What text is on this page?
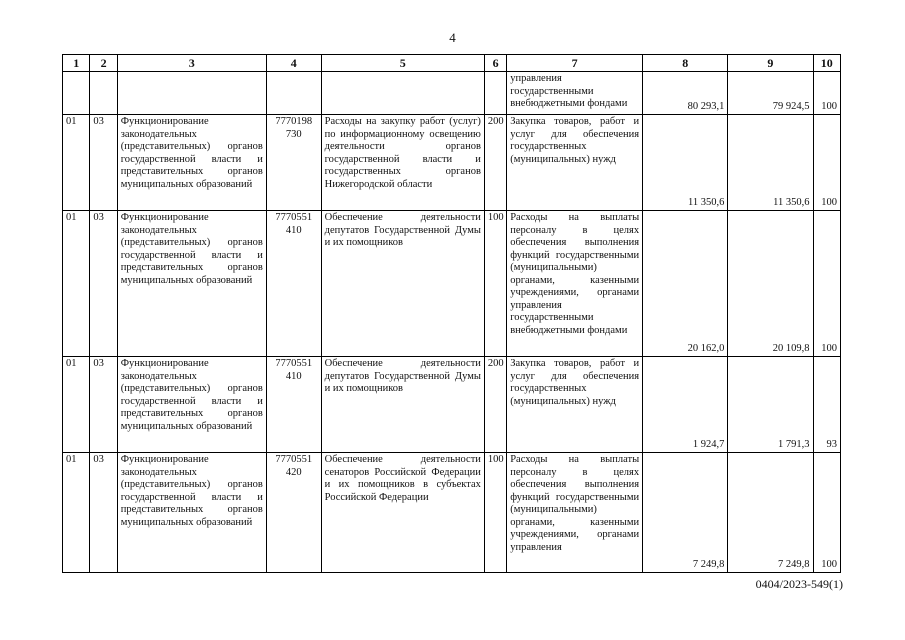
4
1	2	3	4	5	6	7	8	9	10
						управления государственными внебюджетными фондами	80 293,1	79 924,5	100
01	03	Функционирование законодательных (представительных) органов государственной власти и представительных органов муниципальных образований	7770198 730	Расходы на закупку работ (услуг) по информационному освещению деятельности органов государственной власти и государственных органов Нижегородской области	200	Закупка товаров, работ и услуг для обеспечения государственных (муниципальных) нужд	11 350,6	11 350,6	100
01	03	Функционирование законодательных (представительных) органов государственной власти и представительных органов муниципальных образований	7770551 410	Обеспечение деятельности депутатов Государственной Думы и их помощников	100	Расходы на выплаты персоналу в целях обеспечения выполнения функций государственными (муниципальными) органами, казенными учреждениями, органами управления государственными внебюджетными фондами	20 162,0	20 109,8	100
01	03	Функционирование законодательных (представительных) органов государственной власти и представительных органов муниципальных образований	7770551 410	Обеспечение деятельности депутатов Государственной Думы и их помощников	200	Закупка товаров, работ и услуг для обеспечения государственных (муниципальных) нужд	1 924,7	1 791,3	93
01	03	Функционирование законодательных (представительных) органов государственной власти и представительных органов муниципальных образований	7770551 420	Обеспечение деятельности сенаторов Российской Федерации и их помощников в субъектах Российской Федерации	100	Расходы на выплаты персоналу в целях обеспечения выполнения функций государственными (муниципальными) органами, казенными учреждениями, органами управления	7 249,8	7 249,8	100
0404/2023-549(1)
